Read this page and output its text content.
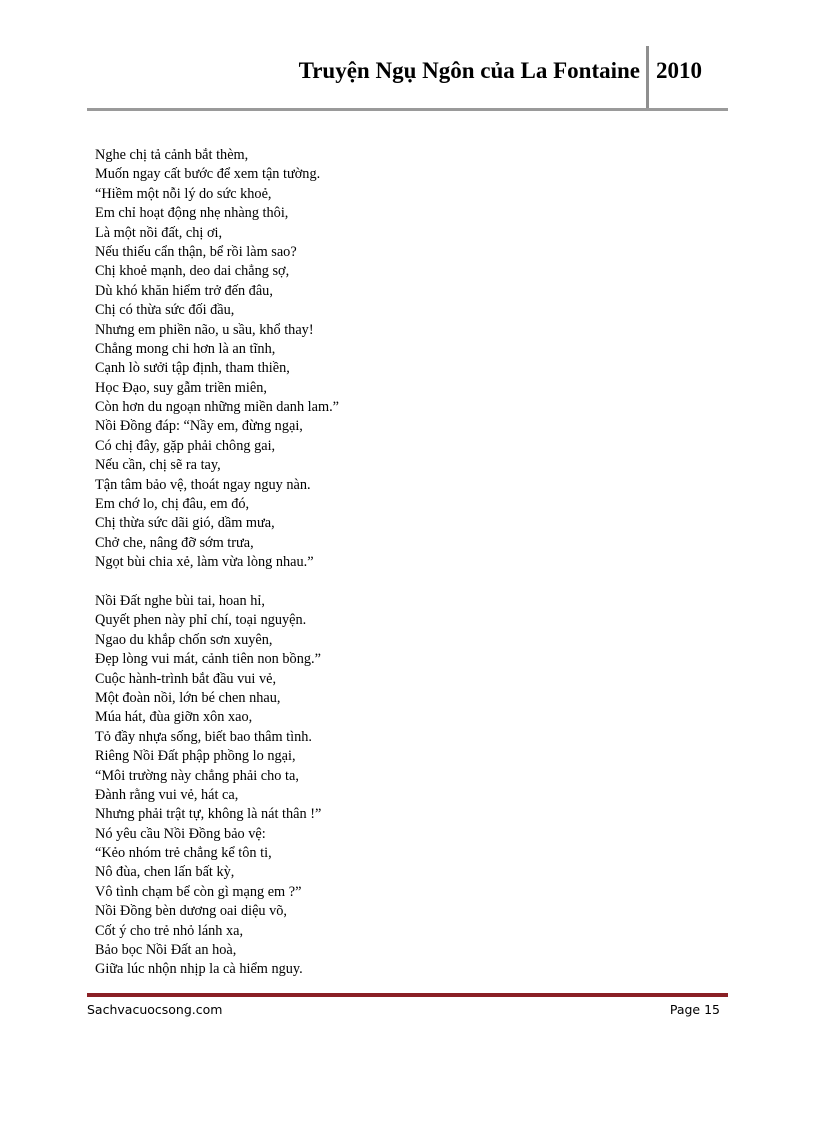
Truyện Ngụ Ngôn của La Fontaine 2010
Nghe chị tả cảnh bắt thèm,
Muốn ngay cất bước để xem tận tường.
“Hiềm một nỗi lý do sức khoẻ,
Em chỉ hoạt động nhẹ nhàng thôi,
Là một nồi đất, chị ơi,
Nếu thiếu cẩn thận, bể rồi làm sao?
Chị khoẻ mạnh, deo dai chẳng sợ,
Dù khó khăn hiểm trở đến đâu,
Chị có thừa sức đối đầu,
Nhưng em phiền não, u sầu, khổ thay!
Chẳng mong chi hơn là an tĩnh,
Cạnh lò sưởi tập định, tham thiền,
Học Đạo, suy gẫm triền miên,
Còn hơn du ngoạn những miền danh lam.”
Nồi Đồng đáp: “Nầy em, đừng ngại,
Có chị đây, gặp phải chông gai,
Nếu cần, chị sẽ ra tay,
Tận tâm bảo vệ, thoát ngay nguy nàn.
Em chớ lo, chị đâu, em đó,
Chị thừa sức dãi gió, dầm mưa,
Chở che, nâng đỡ sớm trưa,
Ngọt bùi chia xẻ, làm vừa lòng nhau.”
Nồi Đất nghe bùi tai, hoan hỉ,
Quyết phen này phỉ chí, toại nguyện.
Ngao du khắp chốn sơn xuyên,
Đẹp lòng vui mát, cảnh tiên non bồng.”
Cuộc hành-trình bắt đầu vui vẻ,
Một đoàn nồi, lớn bé chen nhau,
Múa hát, đùa giỡn xôn xao,
Tỏ đầy nhựa sống, biết bao thâm tình.
Riêng Nồi Đất phập phồng lo ngại,
“Môi trường này chẳng phải cho ta,
Đành rằng vui vẻ, hát ca,
Nhưng phải trật tự, không là nát thân !”
Nó yêu cầu Nồi Đồng bảo vệ:
“Kẻo nhóm trẻ chẳng kể tôn ti,
Nô đùa, chen lấn bất kỳ,
Vô tình chạm bể còn gì mạng em ?”
Nồi Đồng bèn dương oai diệu võ,
Cốt ý cho trẻ nhỏ lánh xa,
Bảo bọc Nồi Đất an hoà,
Giữa lúc nhộn nhịp la cà hiểm nguy.
Sachvacuocsong.com	Page 15
